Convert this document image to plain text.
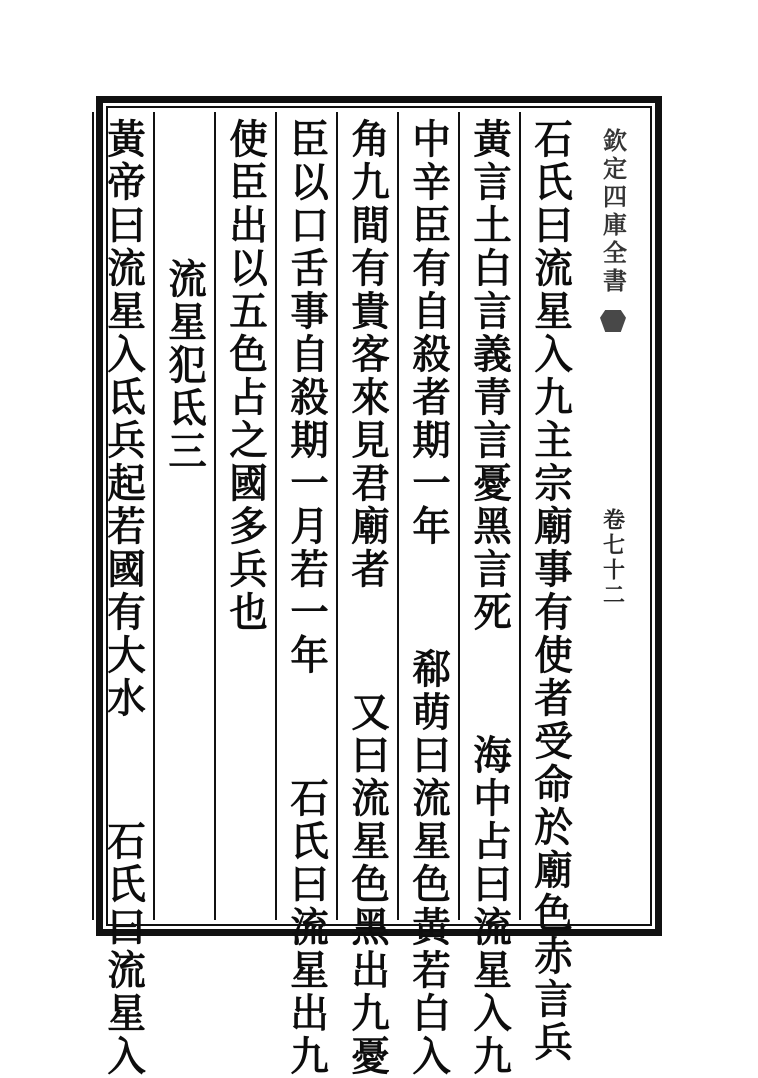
欽定四庫全書
卷七十二
石氏曰流星入九主宗廟事有使者受命於廟色赤言兵
黃言土白言義青言憂黑言死  海中占曰流星入九
中辛臣有自殺者期一年  郗萌曰流星色黃若白入
角九間有貴客來見君廟者  又曰流星色黑出九憂
臣以口舌事自殺期一月若一年  石氏曰流星出九
使臣出以五色占之國多兵也
流星犯氐三
黃帝曰流星入氐兵起若國有大水  石氏曰流星入
